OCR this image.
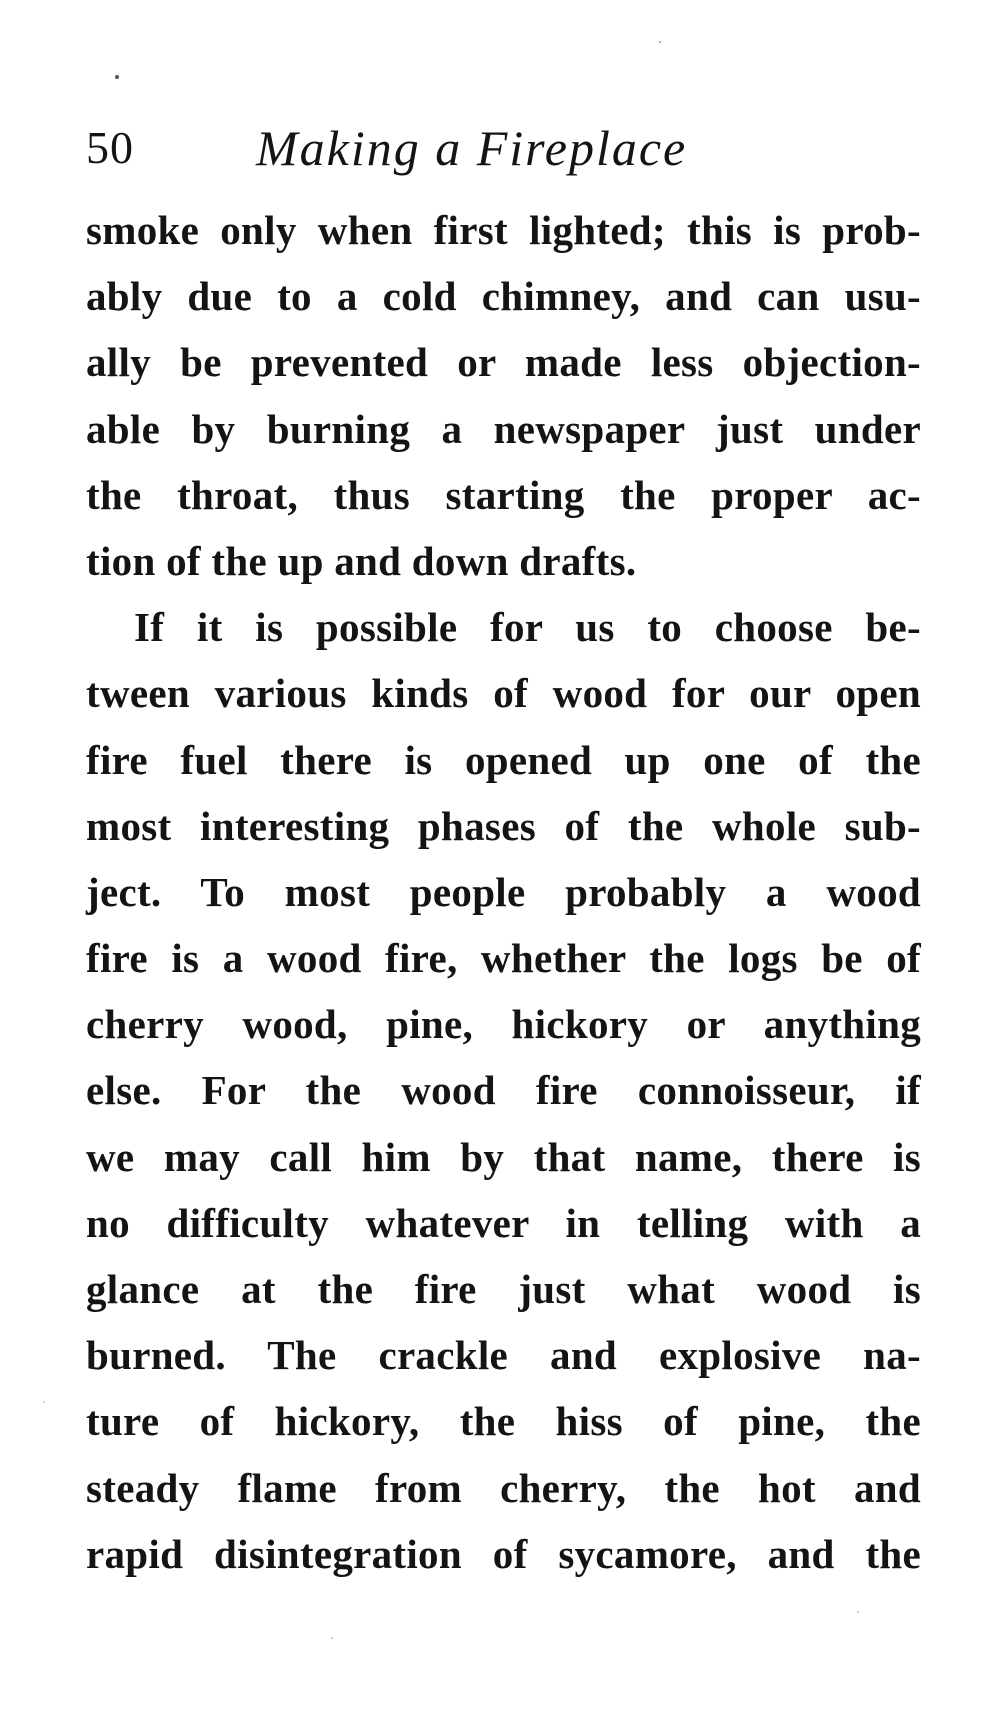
50 Making a Fireplace
smoke only when first lighted; this is prob-
ably due to a cold chimney, and can usu-
ally be prevented or made less objection-
able by burning a newspaper just under
the throat, thus starting the proper ac-
tion of the up and down drafts.
If it is possible for us to choose be-
tween various kinds of wood for our open
fire fuel there is opened up one of the
most interesting phases of the whole sub-
ject. To most people probably a wood
fire is a wood fire, whether the logs be of
cherry wood, pine, hickory or anything
else. For the wood fire connoisseur, if
we may call him by that name, there is
no difficulty whatever in telling with a
glance at the fire just what wood is
burned. The crackle and explosive na-
ture of hickory, the hiss of pine, the
steady flame from cherry, the hot and
rapid disintegration of sycamore, and the
